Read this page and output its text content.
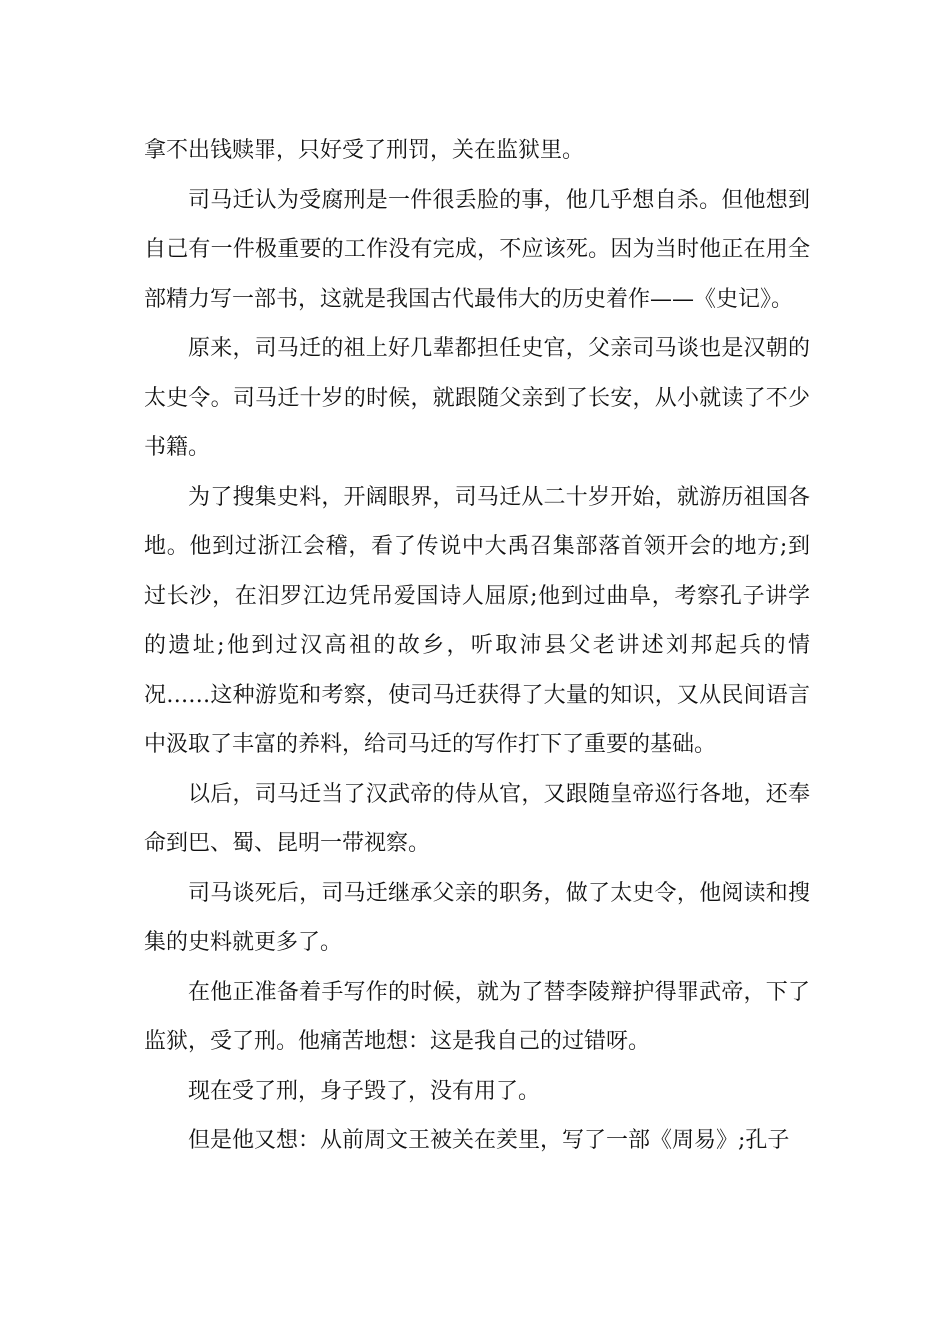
拿不出钱赎罪，只好受了刑罚，关在监狱里。

司马迁认为受腐刑是一件很丢脸的事，他几乎想自杀。但他想到自己有一件极重要的工作没有完成，不应该死。因为当时他正在用全部精力写一部书，这就是我国古代最伟大的历史着作——《史记》。

原来，司马迁的祖上好几辈都担任史官，父亲司马谈也是汉朝的太史令。司马迁十岁的时候，就跟随父亲到了长安，从小就读了不少书籍。

为了搜集史料，开阔眼界，司马迁从二十岁开始，就游历祖国各地。他到过浙江会稽，看了传说中大禹召集部落首领开会的地方;到过长沙，在汨罗江边凭吊爱国诗人屈原;他到过曲阜，考察孔子讲学的遗址;他到过汉高祖的故乡，听取沛县父老讲述刘邦起兵的情况……这种游览和考察，使司马迁获得了大量的知识，又从民间语言中汲取了丰富的养料，给司马迁的写作打下了重要的基础。

以后，司马迁当了汉武帝的侍从官，又跟随皇帝巡行各地，还奉命到巴、蜀、昆明一带视察。

司马谈死后，司马迁继承父亲的职务，做了太史令，他阅读和搜集的史料就更多了。

在他正准备着手写作的时候，就为了替李陵辩护得罪武帝，下了监狱，受了刑。他痛苦地想：这是我自己的过错呀。

现在受了刑，身子毁了，没有用了。

但是他又想：从前周文王被关在羑里，写了一部《周易》;孔子
